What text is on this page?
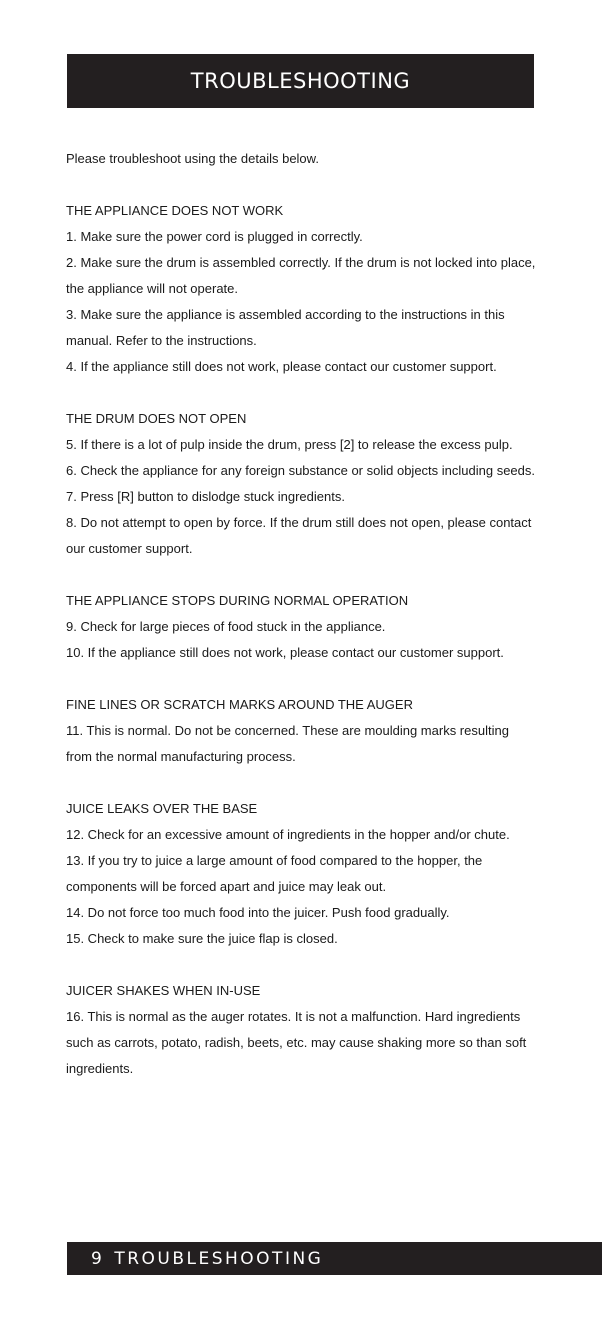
TROUBLESHOOTING

Please troubleshoot using the details below.

THE APPLIANCE DOES NOT WORK
1. Make sure the power cord is plugged in correctly.
2. Make sure the drum is assembled correctly. If the drum is not locked into place, the appliance will not operate.
3. Make sure the appliance is assembled according to the instructions in this manual. Refer to the instructions.
4. If the appliance still does not work, please contact our customer support.
THE DRUM DOES NOT OPEN
5. If there is a lot of pulp inside the drum, press [2] to release the excess pulp.
6. Check the appliance for any foreign substance or solid objects including seeds.
7. Press [R] button to dislodge stuck ingredients.
8. Do not attempt to open by force. If the drum still does not open, please contact our customer support.
THE APPLIANCE STOPS DURING NORMAL OPERATION
9. Check for large pieces of food stuck in the appliance.
10. If the appliance still does not work, please contact our customer support.
FINE LINES OR SCRATCH MARKS AROUND THE AUGER
11. This is normal. Do not be concerned. These are moulding marks resulting from the normal manufacturing process.
JUICE LEAKS OVER THE BASE
12. Check for an excessive amount of ingredients in the hopper and/or chute.
13. If you try to juice a large amount of food compared to the hopper, the components will be forced apart and juice may leak out.
14. Do not force too much food into the juicer. Push food gradually.
15. Check to make sure the juice flap is closed.
JUICER SHAKES WHEN IN-USE
16. This is normal as the auger rotates. It is not a malfunction. Hard ingredients such as carrots, potato, radish, beets, etc. may cause shaking more so than soft ingredients.
9 TROUBLESHOOTING
